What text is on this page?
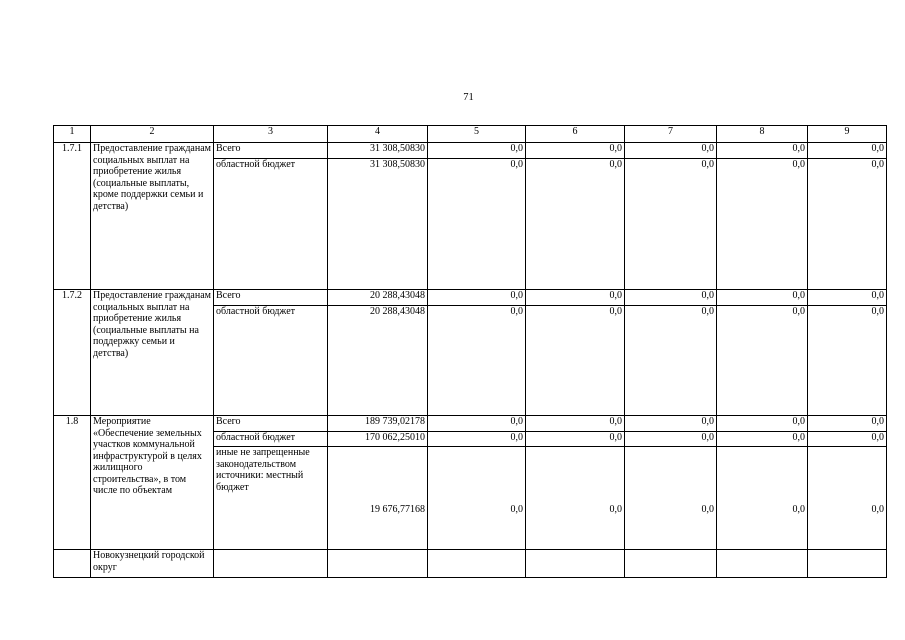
71
1	2	3	4	5	6	7	8	9
1.7.1	Предоставление гражданам социальных выплат на приобретение жилья (социальные выплаты, кроме поддержки семьи и детства)	Всего	31 308,50830	0,0	0,0	0,0	0,0	0,0
		областной бюджет	31 308,50830	0,0	0,0	0,0	0,0	0,0
1.7.2	Предоставление гражданам социальных выплат на приобретение жилья (социальные выплаты на поддержку семьи и детства)	Всего	20 288,43048	0,0	0,0	0,0	0,0	0,0
		областной бюджет	20 288,43048	0,0	0,0	0,0	0,0	0,0
1.8	Мероприятие «Обеспечение земельных участков коммунальной инфраструктурой в целях жилищного строительства», в том числе по объектам	Всего	189 739,02178	0,0	0,0	0,0	0,0	0,0
		областной бюджет	170 062,25010	0,0	0,0	0,0	0,0	0,0
		иные не запрещенные законодательством источники: местный бюджет	19 676,77168	0,0	0,0	0,0	0,0	0,0
	Новокузнецкий городской округ							
